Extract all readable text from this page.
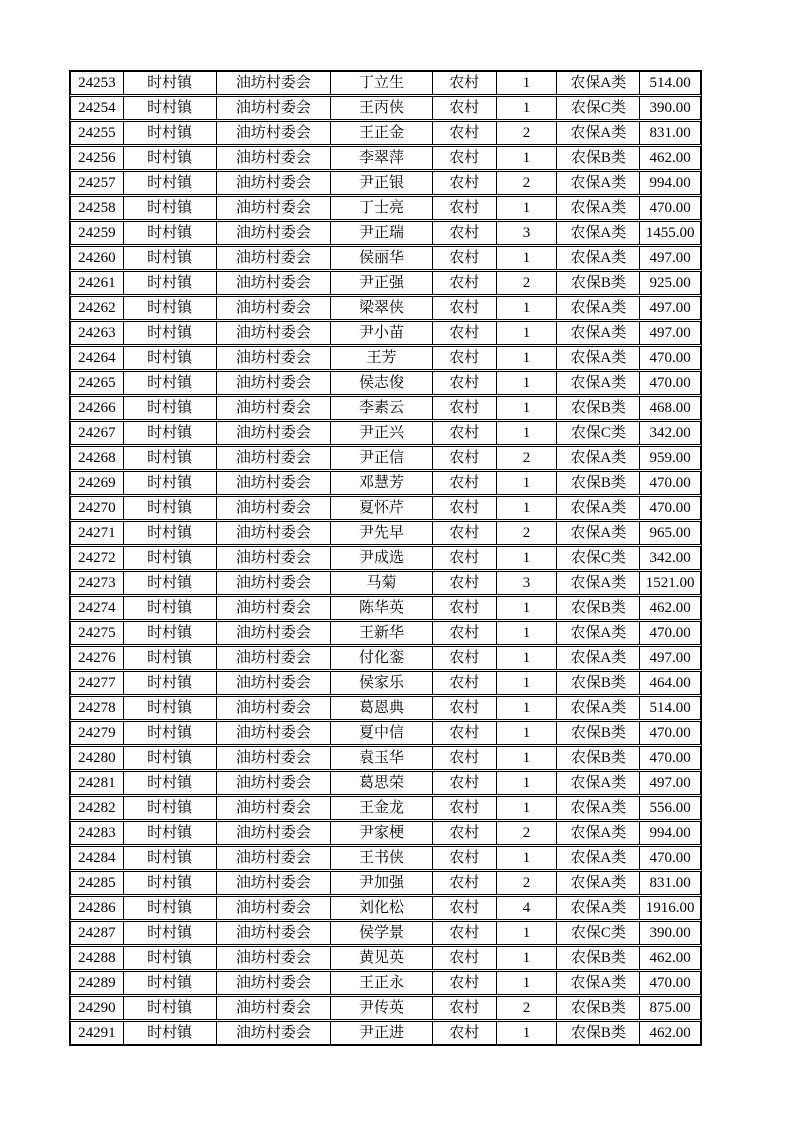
24253	时村镇	油坊村委会	丁立生	农村	1	农保A类	514.00
24254	时村镇	油坊村委会	王丙侠	农村	1	农保C类	390.00
24255	时村镇	油坊村委会	王正金	农村	2	农保A类	831.00
24256	时村镇	油坊村委会	李翠萍	农村	1	农保B类	462.00
24257	时村镇	油坊村委会	尹正银	农村	2	农保A类	994.00
24258	时村镇	油坊村委会	丁士亮	农村	1	农保A类	470.00
24259	时村镇	油坊村委会	尹正瑞	农村	3	农保A类	1455.00
24260	时村镇	油坊村委会	侯丽华	农村	1	农保A类	497.00
24261	时村镇	油坊村委会	尹正强	农村	2	农保B类	925.00
24262	时村镇	油坊村委会	梁翠侠	农村	1	农保A类	497.00
24263	时村镇	油坊村委会	尹小苗	农村	1	农保A类	497.00
24264	时村镇	油坊村委会	王芳	农村	1	农保A类	470.00
24265	时村镇	油坊村委会	侯志俊	农村	1	农保A类	470.00
24266	时村镇	油坊村委会	李素云	农村	1	农保B类	468.00
24267	时村镇	油坊村委会	尹正兴	农村	1	农保C类	342.00
24268	时村镇	油坊村委会	尹正信	农村	2	农保A类	959.00
24269	时村镇	油坊村委会	邓慧芳	农村	1	农保B类	470.00
24270	时村镇	油坊村委会	夏怀芹	农村	1	农保A类	470.00
24271	时村镇	油坊村委会	尹先早	农村	2	农保A类	965.00
24272	时村镇	油坊村委会	尹成选	农村	1	农保C类	342.00
24273	时村镇	油坊村委会	马菊	农村	3	农保A类	1521.00
24274	时村镇	油坊村委会	陈华英	农村	1	农保B类	462.00
24275	时村镇	油坊村委会	王新华	农村	1	农保A类	470.00
24276	时村镇	油坊村委会	付化銮	农村	1	农保A类	497.00
24277	时村镇	油坊村委会	侯家乐	农村	1	农保B类	464.00
24278	时村镇	油坊村委会	葛恩典	农村	1	农保A类	514.00
24279	时村镇	油坊村委会	夏中信	农村	1	农保B类	470.00
24280	时村镇	油坊村委会	袁玉华	农村	1	农保B类	470.00
24281	时村镇	油坊村委会	葛思荣	农村	1	农保A类	497.00
24282	时村镇	油坊村委会	王金龙	农村	1	农保A类	556.00
24283	时村镇	油坊村委会	尹家梗	农村	2	农保A类	994.00
24284	时村镇	油坊村委会	王书侠	农村	1	农保A类	470.00
24285	时村镇	油坊村委会	尹加强	农村	2	农保A类	831.00
24286	时村镇	油坊村委会	刘化松	农村	4	农保A类	1916.00
24287	时村镇	油坊村委会	侯学景	农村	1	农保C类	390.00
24288	时村镇	油坊村委会	黄见英	农村	1	农保B类	462.00
24289	时村镇	油坊村委会	王正永	农村	1	农保A类	470.00
24290	时村镇	油坊村委会	尹传英	农村	2	农保B类	875.00
24291	时村镇	油坊村委会	尹正进	农村	1	农保B类	462.00
